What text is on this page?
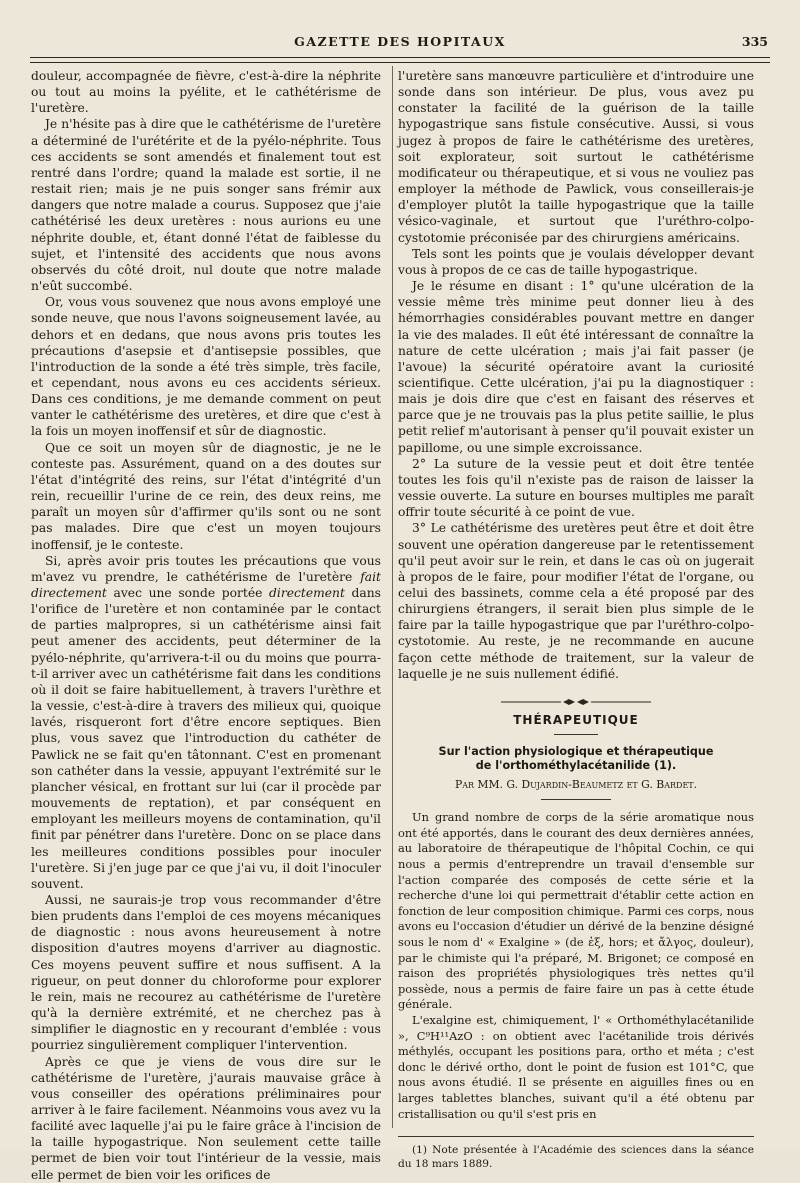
GAZETTE DES HOPITAUX	335

douleur, accompagnée de fièvre, c'est-à-dire la néphrite ou tout au moins la pyélite, et le cathétérisme de l'uretère.

Je n'hésite pas à dire que le cathétérisme de l'uretère a déterminé de l'urétérite et de la pyélo-néphrite. Tous ces accidents se sont amendés et finalement tout est rentré dans l'ordre; quand la malade est sortie, il ne restait rien; mais je ne puis songer sans frémir aux dangers que notre malade a courus. Supposez que j'aie cathétérisé les deux uretères : nous aurions eu une néphrite double, et, étant donné l'état de faiblesse du sujet, et l'intensité des accidents que nous avons observés du côté droit, nul doute que notre malade n'eût succombé.

Or, vous vous souvenez que nous avons employé une sonde neuve, que nous l'avons soigneusement lavée, au dehors et en dedans, que nous avons pris toutes les précautions d'asepsie et d'antisepsie possibles, que l'introduction de la sonde a été très simple, très facile, et cependant, nous avons eu ces accidents sérieux. Dans ces conditions, je me demande comment on peut vanter le cathétérisme des uretères, et dire que c'est à la fois un moyen inoffensif et sûr de diagnostic.

Que ce soit un moyen sûr de diagnostic, je ne le conteste pas. Assurément, quand on a des doutes sur l'état d'intégrité des reins, sur l'état d'intégrité d'un rein, recueillir l'urine de ce rein, des deux reins, me paraît un moyen sûr d'affirmer qu'ils sont ou ne sont pas malades. Dire que c'est un moyen toujours inoffensif, je le conteste.

Si, après avoir pris toutes les précautions que vous m'avez vu prendre, le cathétérisme de l'uretère fait directement avec une sonde portée directement dans l'orifice de l'uretère et non contaminée par le contact de parties malpropres, si un cathétérisme ainsi fait peut amener des accidents, peut déterminer de la pyélo-néphrite, qu'arrivera-t-il ou du moins que pourra-t-il arriver avec un cathétérisme fait dans les conditions où il doit se faire habituellement, à travers l'urèthre et la vessie, c'est-à-dire à travers des milieux qui, quoique lavés, risqueront fort d'être encore septiques. Bien plus, vous savez que l'introduction du cathéter de Pawlick ne se fait qu'en tâtonnant. C'est en promenant son cathéter dans la vessie, appuyant l'extrémité sur le plancher vésical, en frottant sur lui (car il procède par mouvements de reptation), et par conséquent en employant les meilleurs moyens de contamination, qu'il finit par pénétrer dans l'uretère. Donc on se place dans les meilleures conditions possibles pour inoculer l'uretère. Si j'en juge par ce que j'ai vu, il doit l'inoculer souvent.

Aussi, ne saurais-je trop vous recommander d'être bien prudents dans l'emploi de ces moyens mécaniques de diagnostic : nous avons heureusement à notre disposition d'autres moyens d'arriver au diagnostic. Ces moyens peuvent suffire et nous suffisent. A la rigueur, on peut donner du chloroforme pour explorer le rein, mais ne recourez au cathétérisme de l'uretère qu'à la dernière extrémité, et ne cherchez pas à simplifier le diagnostic en y recourant d'emblée : vous pourriez singulièrement compliquer l'intervention.

Après ce que je viens de vous dire sur le cathétérisme de l'uretère, j'aurais mauvaise grâce à vous conseiller des opérations préliminaires pour arriver à le faire facilement. Néanmoins vous avez vu la facilité avec laquelle j'ai pu le faire grâce à l'incision de la taille hypogastrique. Non seulement cette taille permet de bien voir tout l'intérieur de la vessie, mais elle permet de bien voir les orifices de

l'uretère sans manœuvre particulière et d'introduire une sonde dans son intérieur. De plus, vous avez pu constater la facilité de la guérison de la taille hypogastrique sans fistule consécutive. Aussi, si vous jugez à propos de faire le cathétérisme des uretères, soit explorateur, soit surtout le cathétérisme modificateur ou thérapeutique, et si vous ne vouliez pas employer la méthode de Pawlick, vous conseillerais-je d'employer plutôt la taille hypogastrique que la taille vésico-vaginale, et surtout que l'uréthro-colpo-cystotomie préconisée par des chirurgiens américains.

Tels sont les points que je voulais développer devant vous à propos de ce cas de taille hypogastrique.

Je le résume en disant : 1° qu'une ulcération de la vessie même très minime peut donner lieu à des hémorrhagies considérables pouvant mettre en danger la vie des malades. Il eût été intéressant de connaître la nature de cette ulcération ; mais j'ai fait passer (je l'avoue) la sécurité opératoire avant la curiosité scientifique. Cette ulcération, j'ai pu la diagnostiquer : mais je dois dire que c'est en faisant des réserves et parce que je ne trouvais pas la plus petite saillie, le plus petit relief m'autorisant à penser qu'il pouvait exister un papillome, ou une simple excroissance.

2° La suture de la vessie peut et doit être tentée toutes les fois qu'il n'existe pas de raison de laisser la vessie ouverte. La suture en bourses multiples me paraît offrir toute sécurité à ce point de vue.

3° Le cathétérisme des uretères peut être et doit être souvent une opération dangereuse par le retentissement qu'il peut avoir sur le rein, et dans le cas où on jugerait à propos de le faire, pour modifier l'état de l'organe, ou celui des bassinets, comme cela a été proposé par des chirurgiens étrangers, il serait bien plus simple de le faire par la taille hypogastrique que par l'uréthro-colpo-cystotomie. Au reste, je ne recommande en aucune façon cette méthode de traitement, sur la valeur de laquelle je ne suis nullement édifié.

THÉRAPEUTIQUE
Sur l'action physiologique et thérapeutique
de l'orthométhylacétanilide (1).
Par MM. G. Dujardin-Beaumetz et G. Bardet.

Un grand nombre de corps de la série aromatique nous ont été apportés, dans le courant des deux dernières années, au laboratoire de thérapeutique de l'hôpital Cochin, ce qui nous a permis d'entreprendre un travail d'ensemble sur l'action comparée des composés de cette série et la recherche d'une loi qui permettrait d'établir cette action en fonction de leur composition chimique. Parmi ces corps, nous avons eu l'occasion d'étudier un dérivé de la benzine désigné sous le nom d' « Exalgine » (de ἐξ, hors; et ἄλγος, douleur), par le chimiste qui l'a préparé, M. Brigonet; ce composé en raison des propriétés physiologiques très nettes qu'il possède, nous a permis de faire faire un pas à cette étude générale.

L'exalgine est, chimiquement, l' « Orthométhylacétanilide », C⁹H¹¹AzO : on obtient avec l'acétanilide trois dérivés méthylés, occupant les positions para, ortho et méta ; c'est donc le dérivé ortho, dont le point de fusion est 101°C, que nous avons étudié. Il se présente en aiguilles fines ou en larges tablettes blanches, suivant qu'il a été obtenu par cristallisation ou qu'il s'est pris en

(1) Note présentée à l'Académie des sciences dans la séance du 18 mars 1889.
